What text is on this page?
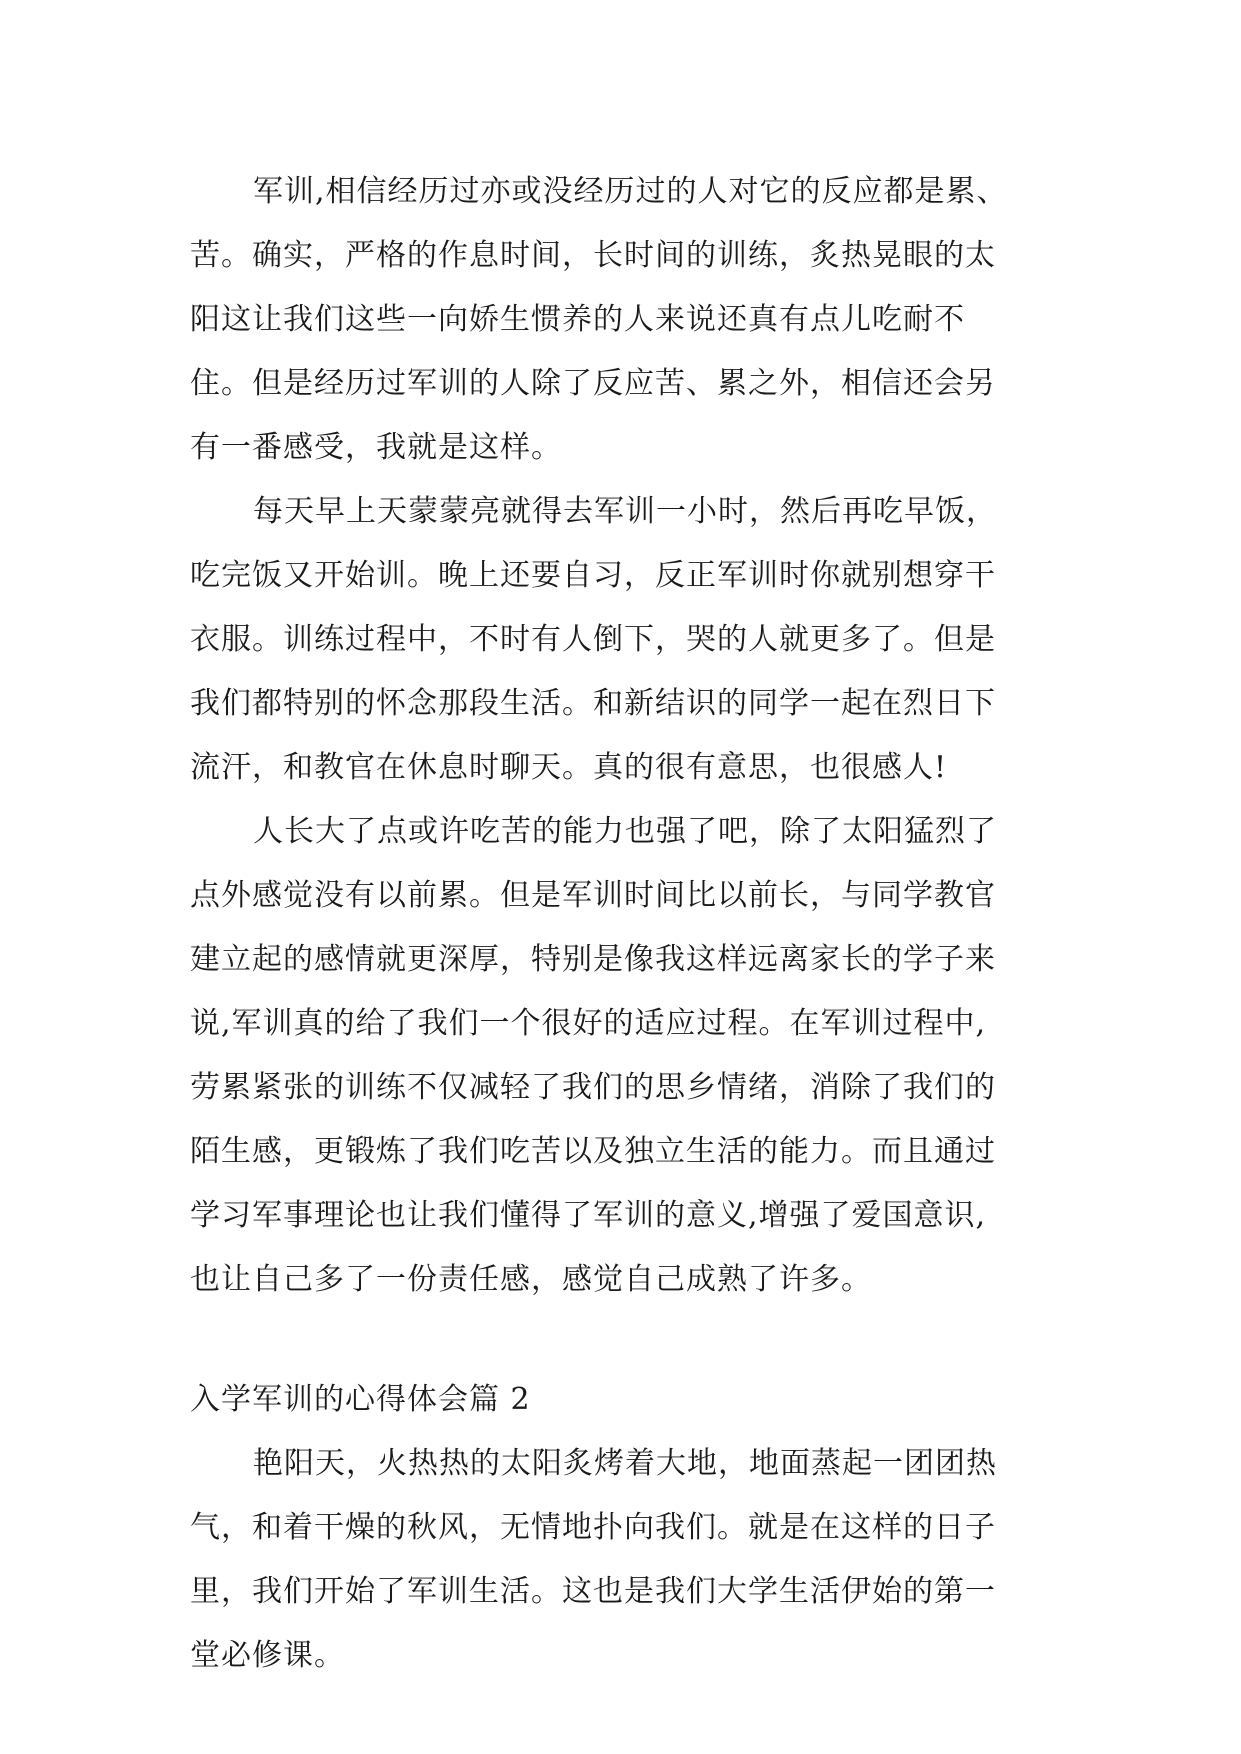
军训,相信经历过亦或没经历过的人对它的反应都是累、
苦。确实，严格的作息时间，长时间的训练，炙热晃眼的太
阳这让我们这些一向娇生惯养的人来说还真有点儿吃耐不
住。但是经历过军训的人除了反应苦、累之外，相信还会另
有一番感受，我就是这样。
每天早上天蒙蒙亮就得去军训一小时，然后再吃早饭，
吃完饭又开始训。晚上还要自习，反正军训时你就别想穿干
衣服。训练过程中，不时有人倒下，哭的人就更多了。但是
我们都特别的怀念那段生活。和新结识的同学一起在烈日下
流汗，和教官在休息时聊天。真的很有意思，也很感人!
人长大了点或许吃苦的能力也强了吧，除了太阳猛烈了
点外感觉没有以前累。但是军训时间比以前长，与同学教官
建立起的感情就更深厚，特别是像我这样远离家长的学子来
说,军训真的给了我们一个很好的适应过程。在军训过程中,
劳累紧张的训练不仅减轻了我们的思乡情绪，消除了我们的
陌生感，更锻炼了我们吃苦以及独立生活的能力。而且通过
学习军事理论也让我们懂得了军训的意义,增强了爱国意识,
也让自己多了一份责任感，感觉自己成熟了许多。
入学军训的心得体会篇 2
艳阳天，火热热的太阳炙烤着大地，地面蒸起一团团热
气，和着干燥的秋风，无情地扑向我们。就是在这样的日子
里，我们开始了军训生活。这也是我们大学生活伊始的第一
堂必修课。
